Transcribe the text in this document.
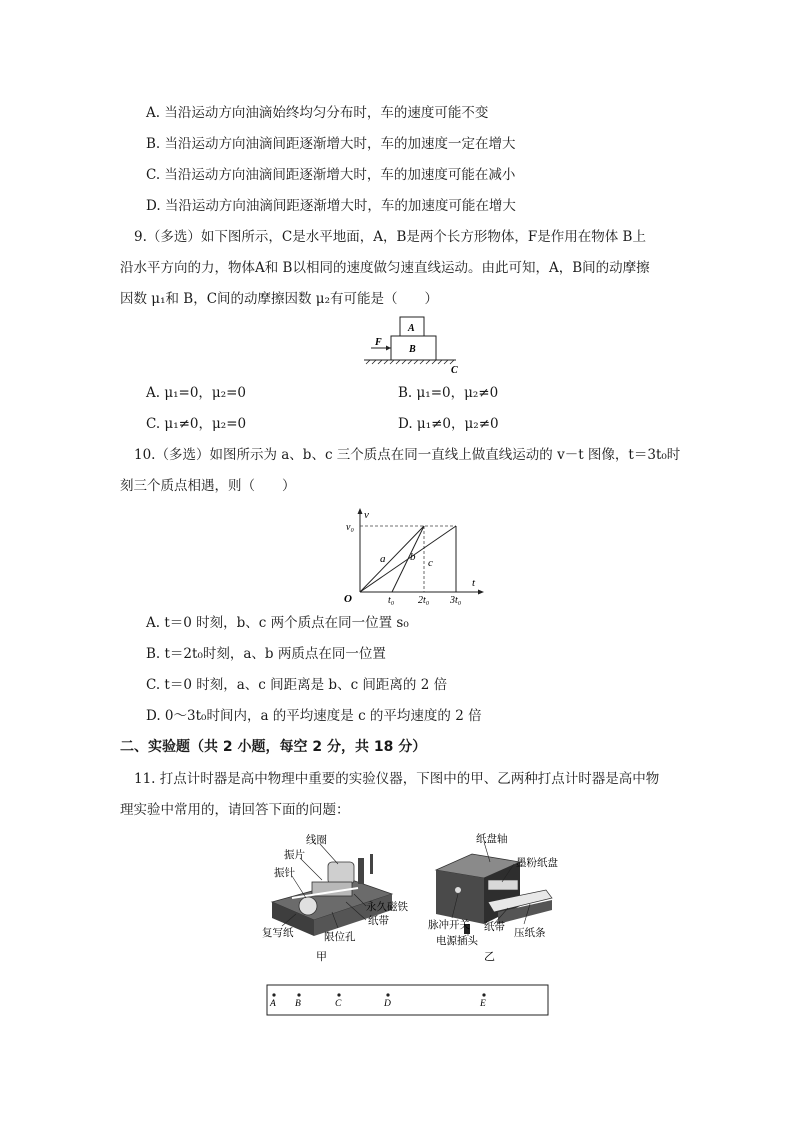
A. 当沿运动方向油滴始终均匀分布时，车的速度可能不变
B. 当沿运动方向油滴间距逐渐增大时，车的加速度一定在增大
C. 当沿运动方向油滴间距逐渐增大时，车的加速度可能在减小
D. 当沿运动方向油滴间距逐渐增大时，车的加速度可能在增大
9.（多选）如下图所示，C是水平地面，A，B是两个长方形物体，F是作用在物体 B上
沿水平方向的力，物体A和 B以相同的速度做匀速直线运动。由此可知，A，B间的动摩擦
因数 μ₁和 B，C间的动摩擦因数 μ₂有可能是（　　）
A
B
F
C
A. μ₁=0，μ₂=0	B. μ₁=0，μ₂≠0
C. μ₁≠0，μ₂=0	D. μ₁≠0，μ₂≠0
10.（多选）如图所示为 a、b、c 三个质点在同一直线上做直线运动的 v－t 图像，t＝3t₀时
刻三个质点相遇，则（　　）
v
t
O
a b c
v₀
t₀ 2t₀ 3t₀
A. t＝0 时刻，b、c 两个质点在同一位置 s₀
B. t＝2t₀时刻，a、b 两质点在同一位置
C. t＝0 时刻，a、c 间距离是 b、c 间距离的 2 倍
D. 0～3t₀时间内，a 的平均速度是 c 的平均速度的 2 倍
二、实验题（共 2 小题，每空 2 分，共 18 分）
11. 打点计时器是高中物理中重要的实验仪器，下图中的甲、乙两种打点计时器是高中物
理实验中常用的，请回答下面的问题：
线圈
振片
振针
永久磁铁
纸带
复写纸	限位孔
甲
纸盘轴
墨粉纸盘
脉冲开关 纸带
电源插头
压纸条
乙
A B	C	D	E
